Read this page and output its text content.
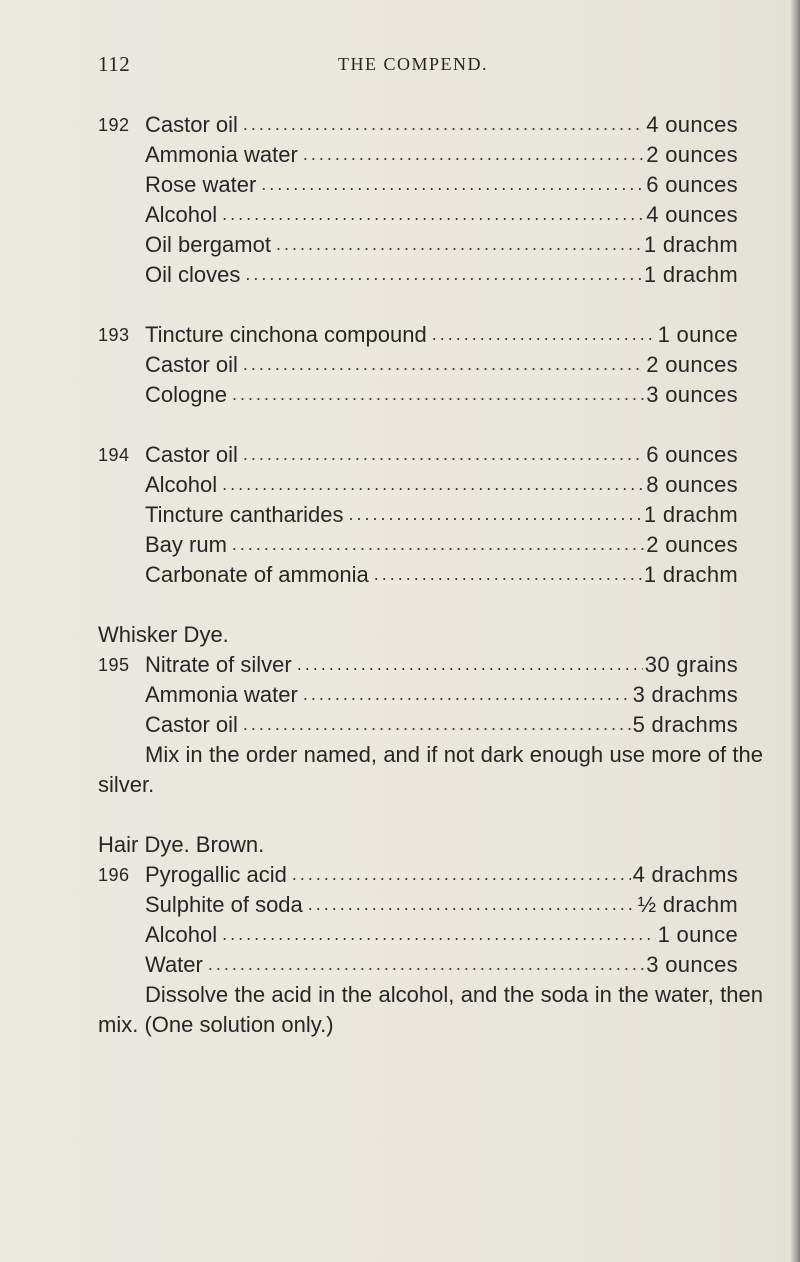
112	THE COMPEND.
192 Castor oil .....	4 ounces
Ammonia water .....	2 ounces
Rose water .....	6 ounces
Alcohol .....	4 ounces
Oil bergamot .....	1 drachm
Oil cloves .....	1 drachm
193 Tincture cinchona compound .....	1 ounce
Castor oil .....	2 ounces
Cologne .....	3 ounces
194 Castor oil .....	6 ounces
Alcohol .....	8 ounces
Tincture cantharides .....	1 drachm
Bay rum .....	2 ounces
Carbonate of ammonia .....	1 drachm
Whisker Dye.
195 Nitrate of silver .....	30 grains
Ammonia water .....	3 drachms
Castor oil .....	5 drachms
Mix in the order named, and if not dark enough use more of the silver.
Hair Dye. Brown.
196 Pyrogallic acid .....	4 drachms
Sulphite of soda .....	½ drachm
Alcohol .....	1 ounce
Water .....	3 ounces
Dissolve the acid in the alcohol, and the soda in the water, then mix. (One solution only.)
